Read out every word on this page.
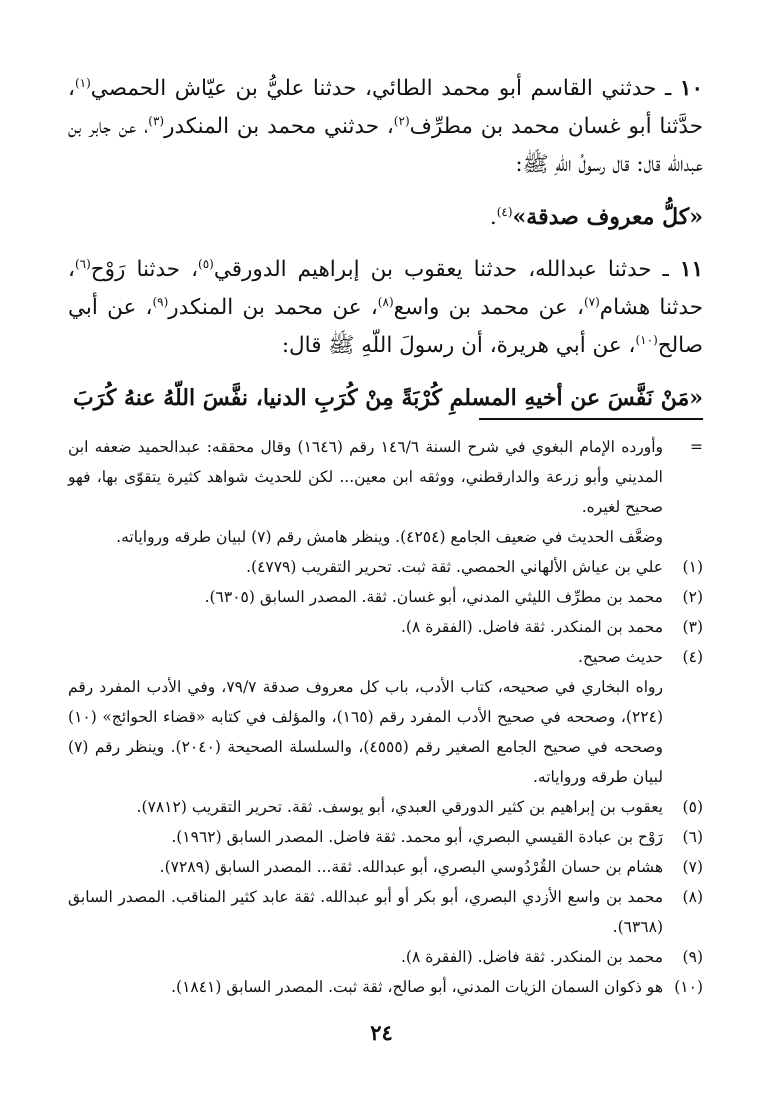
١٠ ـ حدثني القاسم أبو محمد الطائي، حدثنا عليُّ بن عيّاش الحمصي$^{(١)}$، حدَّثنا أبو غسان محمد بن مطرِّف$^{(٢)}$، حدثني محمد بن المنكدر$^{(٣)}$، عن جابر بن عبدالله قال: قال رسولُ اللّهِ ﷺ:

«كلُّ معروف صدقة»$^{(٤)}$.

١١ ـ حدثنا عبدالله، حدثنا يعقوب بن إبراهيم الدورقي$^{(٥)}$، حدثنا رَوْح$^{(٦)}$، حدثنا هشام$^{(٧)}$، عن محمد بن واسع$^{(٨)}$، عن محمد بن المنكدر$^{(٩)}$، عن أبي صالح$^{(١٠)}$، عن أبي هريرة، أن رسولَ اللّهِ ﷺ قال:

«مَنْ نَفَّسَ عن أخيهِ المسلمِ كُرْبَةً مِنْ كُرَبِ الدنيا، نفَّسَ اللّهُ عنهُ كُرَبَ

=
وأورده الإمام البغوي في شرح السنة ١٤٦/٦ رقم (١٦٤٦) وقال محققه: عبدالحميد ضعفه ابن المديني وأبو زرعة والدارقطني، ووثقه ابن معين... لكن للحديث شواهد كثيرة يتقوّى بها، فهو صحيح لغيره.
وضعَّف الحديث في ضعيف الجامع (٤٢٥٤). وينظر هامش رقم (٧) لبيان طرقه ورواياته.
(١)
علي بن عياش الألهاني الحمصي. ثقة ثبت. تحرير التقريب (٤٧٧٩).
(٢)
محمد بن مطرِّف الليثي المدني، أبو غسان. ثقة. المصدر السابق (٦٣٠٥).
(٣)
محمد بن المنكدر. ثقة فاضل. (الفقرة ٨).
(٤)
حديث صحيح.
رواه البخاري في صحيحه، كتاب الأدب، باب كل معروف صدقة ٧٩/٧، وفي الأدب المفرد رقم (٢٢٤)، وصححه في صحيح الأدب المفرد رقم (١٦٥)، والمؤلف في كتابه «قضاء الحوائج» (١٠) وصححه في صحيح الجامع الصغير رقم (٤٥٥٥)، والسلسلة الصحيحة (٢٠٤٠). وينظر رقم (٧) لبيان طرقه ورواياته.
(٥)
يعقوب بن إبراهيم بن كثير الدورقي العبدي، أبو يوسف. ثقة. تحرير التقريب (٧٨١٢).
(٦)
رَوْح بن عبادة القيسي البصري، أبو محمد. ثقة فاضل. المصدر السابق (١٩٦٢).
(٧)
هشام بن حسان القُرْدُوسي البصري، أبو عبدالله. ثقة... المصدر السابق (٧٢٨٩).
(٨)
محمد بن واسع الأزدي البصري، أبو بكر أو أبو عبدالله. ثقة عابد كثير المناقب. المصدر السابق (٦٣٦٨).
(٩)
محمد بن المنكدر. ثقة فاضل. (الفقرة ٨).
(١٠)
هو ذكوان السمان الزيات المدني، أبو صالح، ثقة ثبت. المصدر السابق (١٨٤١).
٢٤
